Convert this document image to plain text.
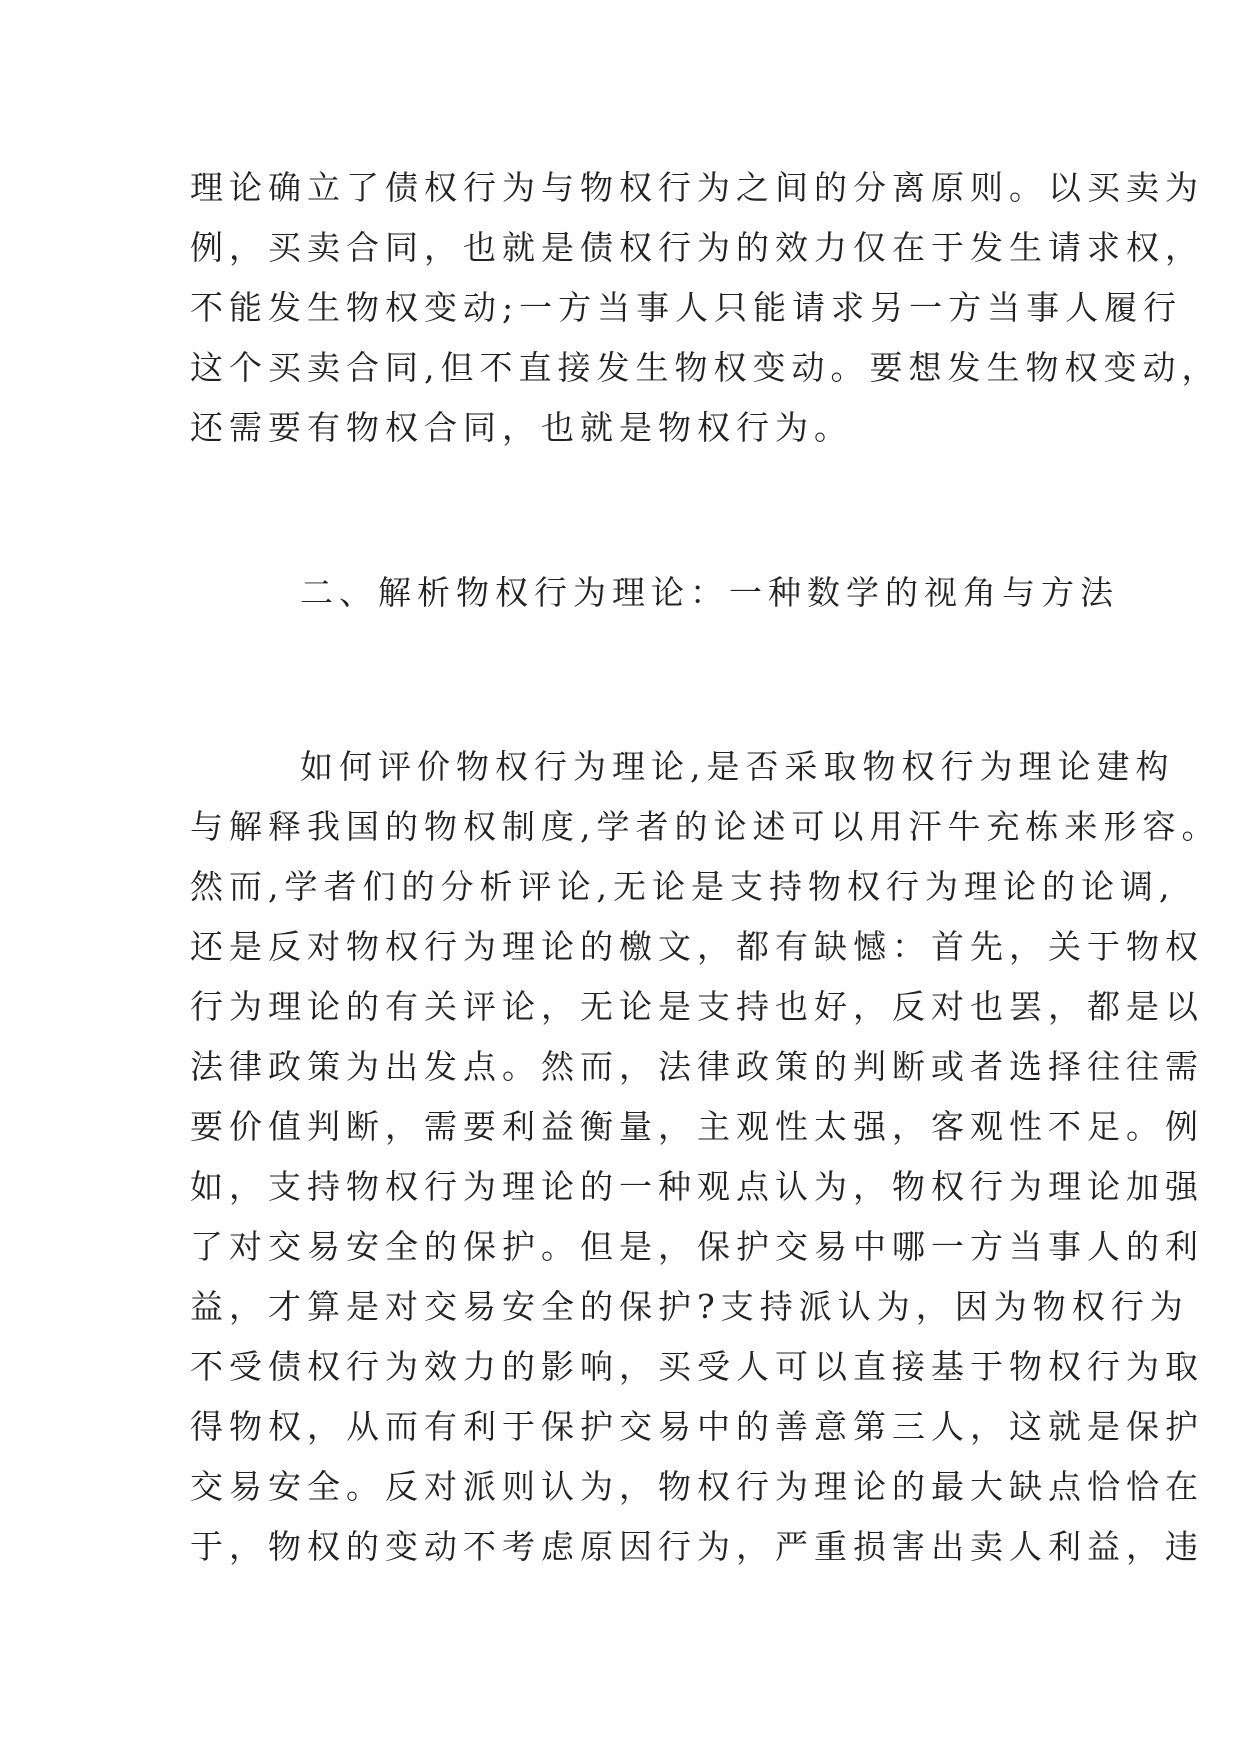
理论确立了债权行为与物权行为之间的分离原则。以买卖为
例，买卖合同，也就是债权行为的效力仅在于发生请求权，
不能发生物权变动;一方当事人只能请求另一方当事人履行
这个买卖合同,但不直接发生物权变动。要想发生物权变动，
还需要有物权合同，也就是物权行为。
二、解析物权行为理论：一种数学的视角与方法
如何评价物权行为理论,是否采取物权行为理论建构
与解释我国的物权制度,学者的论述可以用汗牛充栋来形容。
然而,学者们的分析评论,无论是支持物权行为理论的论调,
还是反对物权行为理论的檄文，都有缺憾：首先，关于物权
行为理论的有关评论，无论是支持也好，反对也罢，都是以
法律政策为出发点。然而，法律政策的判断或者选择往往需
要价值判断，需要利益衡量，主观性太强，客观性不足。例
如，支持物权行为理论的一种观点认为，物权行为理论加强
了对交易安全的保护。但是，保护交易中哪一方当事人的利
益，才算是对交易安全的保护?支持派认为，因为物权行为
不受债权行为效力的影响，买受人可以直接基于物权行为取
得物权，从而有利于保护交易中的善意第三人，这就是保护
交易安全。反对派则认为，物权行为理论的最大缺点恰恰在
于，物权的变动不考虑原因行为，严重损害出卖人利益，违
